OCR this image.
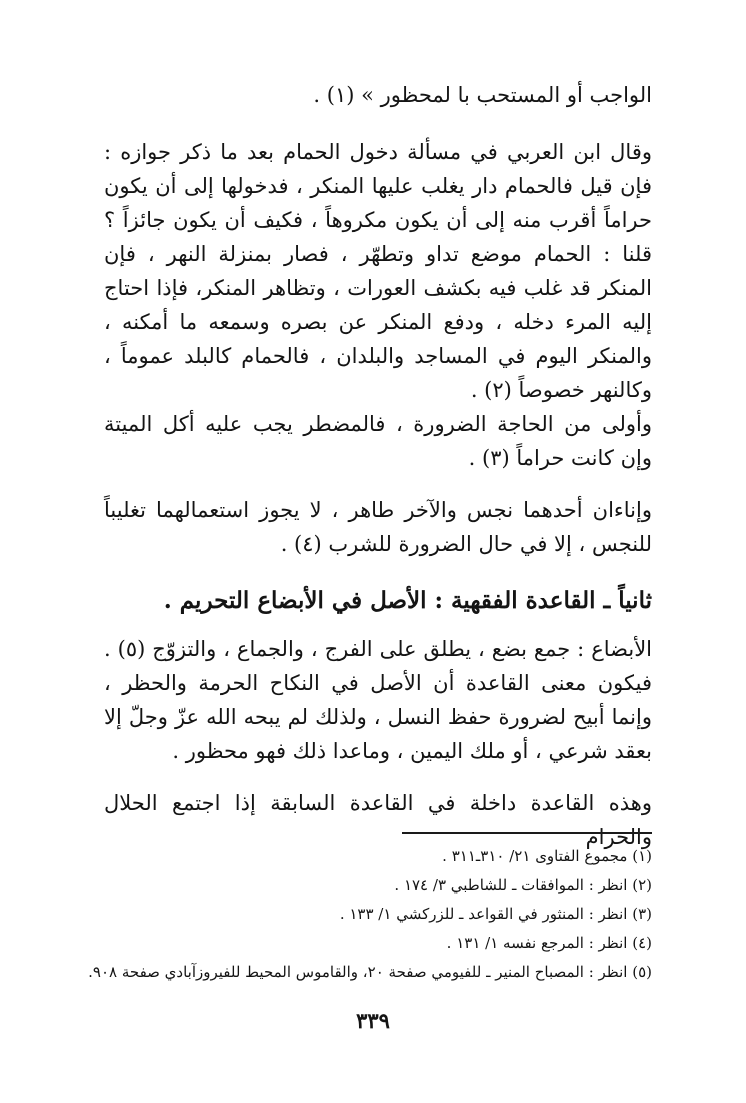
الواجب أو المستحب با لمحظور » (١) .

وقال ابن العربي في مسألة دخول الحمام بعد ما ذكر جوازه : فإن قيل فالحمام دار يغلب عليها المنكر ، فدخولها إلى أن يكون حراماً أقرب منه إلى أن يكون مكروهاً ، فكيف أن يكون جائزاً ؟ قلنا : الحمام موضع تداو وتطهّر ، فصار بمنزلة النهر ، فإن المنكر قد غلب فيه بكشف العورات ، وتظاهر المنكر، فإذا احتاج إليه المرء دخله ، ودفع المنكر عن بصره وسمعه ما أمكنه ، والمنكر اليوم في المساجد والبلدان ، فالحمام كالبلد عموماً ، وكالنهر خصوصاً (٢) .

وأولى من الحاجة الضرورة ، فالمضطر يجب عليه أكل الميتة وإن كانت حراماً (٣) .

وإناءان أحدهما نجس والآخر طاهر ، لا يجوز استعمالهما تغليباً للنجس ، إلا في حال الضرورة للشرب (٤) .

ثانياً ـ القاعدة الفقهية : الأصل في الأبضاع التحريم .

الأبضاع : جمع بضع ، يطلق على الفرج ، والجماع ، والتزوّج (٥) . فيكون معنى القاعدة أن الأصل في النكاح الحرمة والحظر ، وإنما أبيح لضرورة حفظ النسل ، ولذلك لم يبحه الله عزّ وجلّ إلا بعقد شرعي ، أو ملك اليمين ، وماعدا ذلك فهو محظور .

وهذه القاعدة داخلة في القاعدة السابقة إذا اجتمع الحلال والحرام

(١) مجموع الفتاوى ٢١/ ٣١٠ـ٣١١ .
(٢) انظر : الموافقات ـ للشاطبي ٣/ ١٧٤ .
(٣) انظر : المنثور في القواعد ـ للزركشي ١/ ١٣٣ .
(٤) انظر : المرجع نفسه ١/ ١٣١ .
(٥) انظر : المصباح المنير ـ للفيومي صفحة ٢٠، والقاموس المحيط للفيروزآبادي صفحة ٩٠٨.
٣٣٩
